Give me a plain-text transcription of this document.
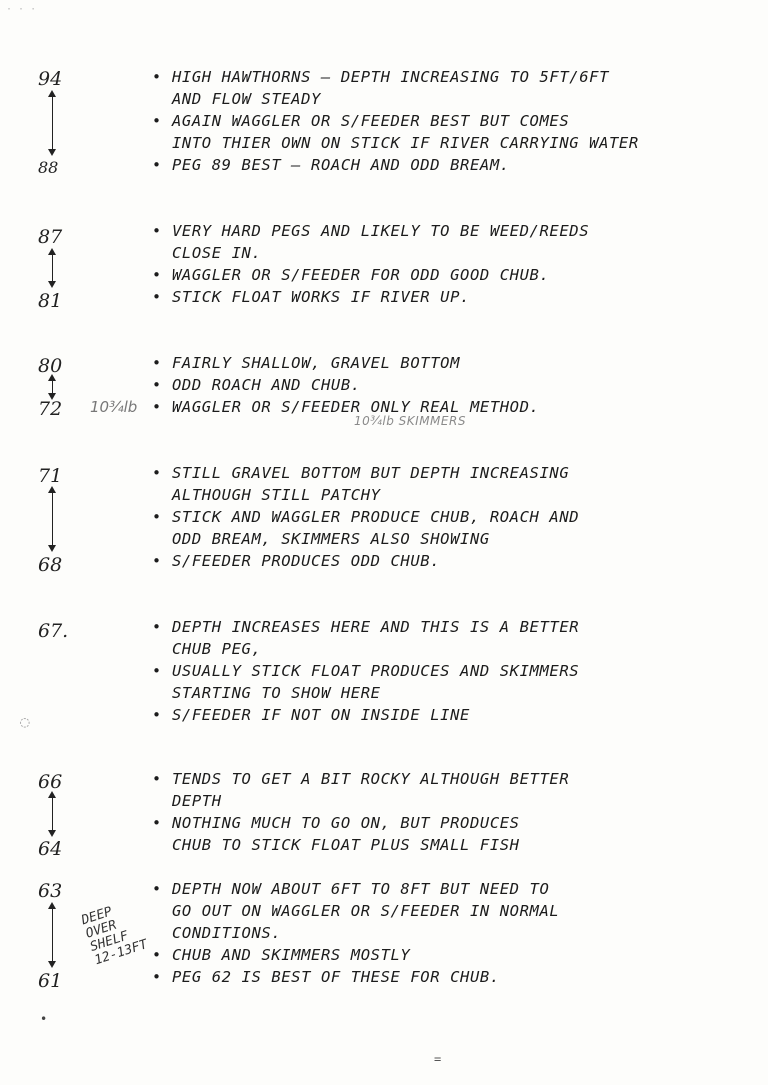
· · ·
94
88
• HIGH HAWTHORNS — DEPTH INCREASING TO 5FT/6FT
AND FLOW STEADY
• AGAIN WAGGLER OR S/FEEDER BEST BUT COMES
INTO THIER OWN ON STICK IF RIVER CARRYING WATER
• PEG 89 BEST — ROACH AND ODD BREAM.
87
81
• VERY HARD PEGS AND LIKELY TO BE WEED/REEDS
CLOSE IN.
• WAGGLER OR S/FEEDER FOR ODD GOOD CHUB.
• STICK FLOAT WORKS IF RIVER UP.
80
72
• FAIRLY SHALLOW, GRAVEL BOTTOM
• ODD ROACH AND CHUB.
• WAGGLER OR S/FEEDER ONLY REAL METHOD.
10¾lb
10¾lb SKIMMERS
71
68
• STILL GRAVEL BOTTOM BUT DEPTH INCREASING
ALTHOUGH STILL PATCHY
• STICK AND WAGGLER PRODUCE CHUB, ROACH AND
ODD BREAM, SKIMMERS ALSO SHOWING
• S/FEEDER PRODUCES ODD CHUB.
67.
•	DEPTH INCREASES HERE AND THIS IS A BETTER
CHUB PEG,
• USUALLY STICK FLOAT PRODUCES AND SKIMMERS
STARTING TO SHOW HERE
• S/FEEDER IF NOT ON INSIDE LINE
◌
66
64
• TENDS TO GET A BIT ROCKY ALTHOUGH BETTER
DEPTH
• NOTHING MUCH TO GO ON, BUT PRODUCES
CHUB TO STICK FLOAT PLUS SMALL FISH
63
61
• DEPTH NOW ABOUT 6FT TO 8FT BUT NEED TO
GO OUT ON WAGGLER OR S/FEEDER IN NORMAL
CONDITIONS.
• CHUB AND SKIMMERS MOSTLY
• PEG 62 IS BEST OF THESE FOR CHUB.
DEEP
OVER
SHELF
12-13FT
•
=
